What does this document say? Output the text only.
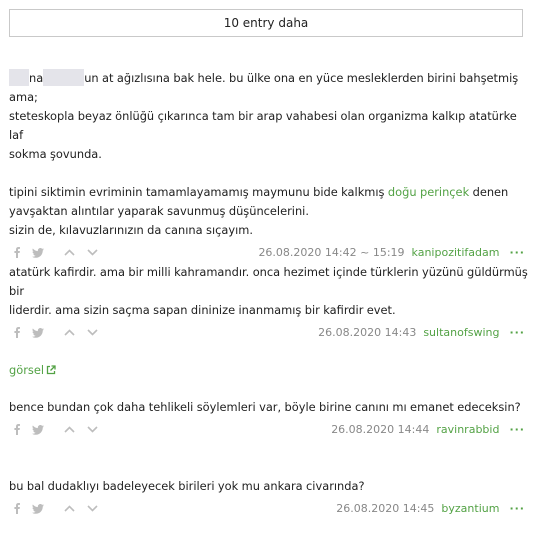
10 entry daha

na	un at ağızlısına bak hele. bu ülke ona en yüce mesleklerden birini bahşetmiş ama;

steteskopla beyaz önlüğü çıkarınca tam bir arap vahabesi olan organizma kalkıp atatürke laf

sokma şovunda.

tipini siktimin evriminin tamamlayamamış maymunu bide kalkmış doğu perinçek denen

yavşaktan alıntılar yaparak savunmuş düşüncelerini.

sizin de, kılavuzlarınızın da canına sıçayım.

26.08.2020 14:42 ~ 15:19 kanipozitifadam ···

atatürk kafirdir. ama bir milli kahramandır. onca hezimet içinde türklerin yüzünü güldürmüş bir

liderdir. ama sizin saçma sapan dininize inanmamış bir kafirdir evet.

26.08.2020 14:43 sultanofswing ···
görsel

bence bundan çok daha tehlikeli söylemleri var, böyle birine canını mı emanet edeceksin?

26.08.2020 14:44 ravinrabbid ···

bu bal dudaklıyı badeleyecek birileri yok mu ankara civarında?

26.08.2020 14:45 byzantium ···
